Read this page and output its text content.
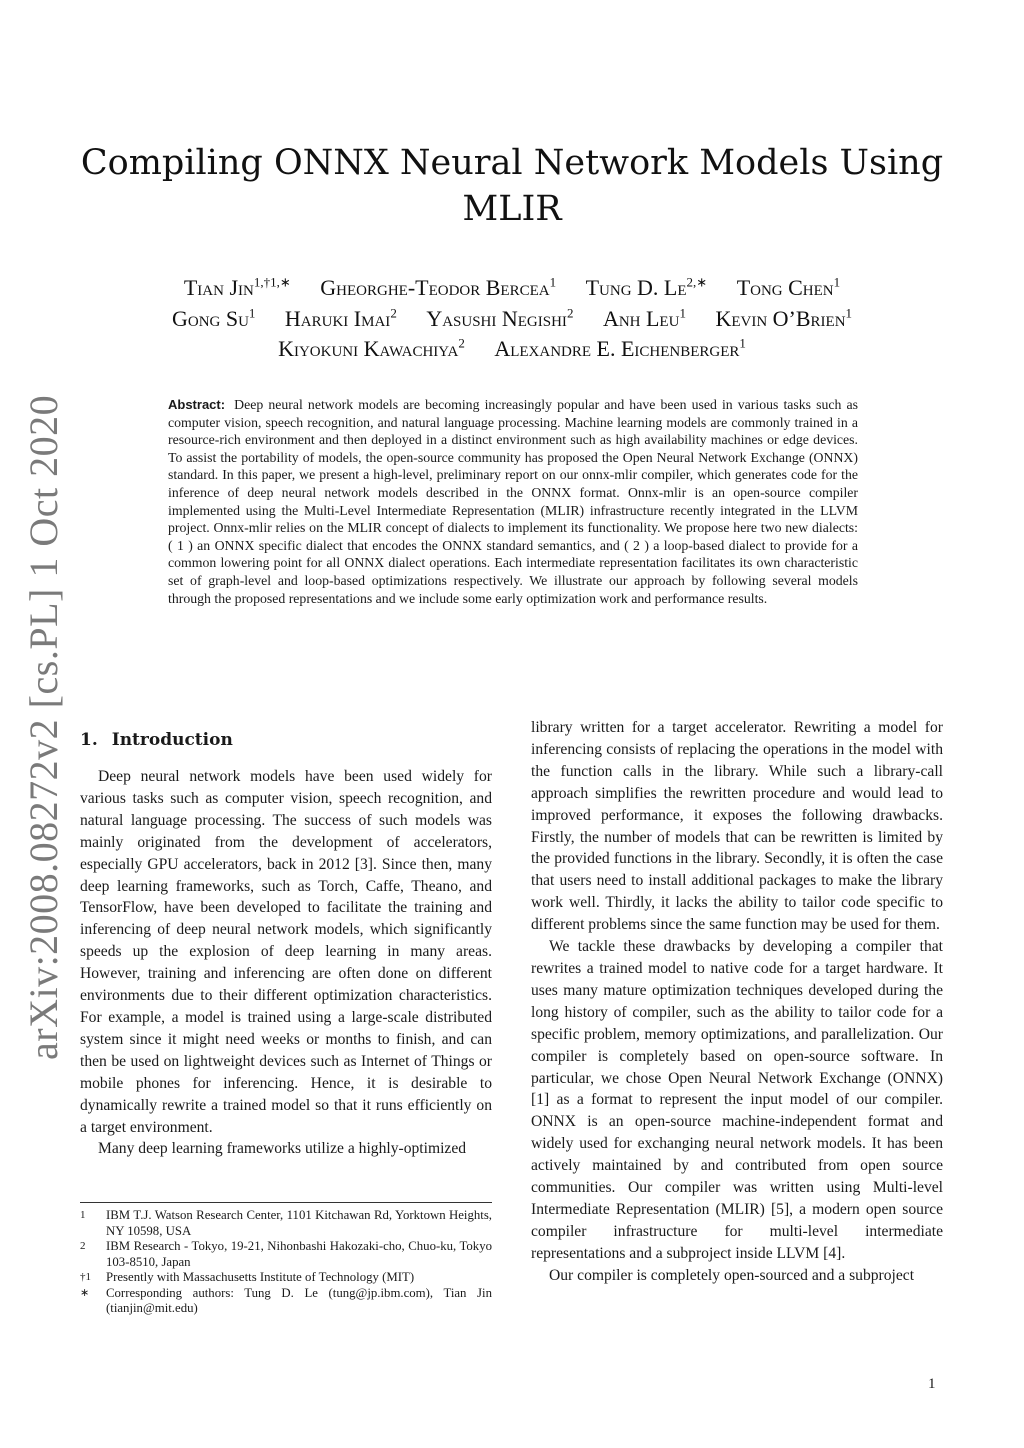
arXiv:2008.08272v2 [cs.PL] 1 Oct 2020
Compiling ONNX Neural Network Models Using
MLIR
Tian Jin$^{1,\dagger 1,∗}$ Gheorghe-Teodor Bercea$^1$ Tung D. $Le^{2,∗}$ Tong Chen$^1$
Gong Su$^1$ Haruki Imai$^2$ Yasushi Negishi$^2$ Anh Leu$^1$ Kevin O’Brien$^1$
Kiyokuni Kawachiya$^2$ Alexandre E. Eichenberger$^1$
Abstract: Deep neural network models are becoming increasingly popular and have been used in various tasks such as computer vision, speech recognition, and natural language processing. Machine learning models are commonly trained in a resource-rich environment and then deployed in a distinct environment such as high availability machines or edge devices. To assist the portability of models, the open-source community has proposed the Open Neural Network Exchange (ONNX) standard. In this paper, we present a high-level, preliminary report on our onnx-mlir compiler, which generates code for the inference of deep neural network models described in the ONNX format. Onnx-mlir is an open-source compiler implemented using the Multi-Level Intermediate Representation (MLIR) infrastructure recently integrated in the LLVM project. Onnx-mlir relies on the MLIR concept of dialects to implement its functionality. We propose here two new dialects: ( 1 ) an ONNX specific dialect that encodes the ONNX standard semantics, and ( 2 ) a loop-based dialect to provide for a common lowering point for all ONNX dialect operations. Each intermediate representation facilitates its own characteristic set of graph-level and loop-based optimizations respectively. We illustrate our approach by following several models through the proposed representations and we include some early optimization work and performance results.
1. Introduction

Deep neural network models have been used widely for various tasks such as computer vision, speech recognition, and natural language processing. The success of such models was mainly originated from the development of accelerators, especially GPU accelerators, back in 2012 [3]. Since then, many deep learning frameworks, such as Torch, Caffe, Theano, and TensorFlow, have been developed to facilitate the training and inferencing of deep neural network models, which significantly speeds up the explosion of deep learning in many areas. However, training and inferencing are often done on different environments due to their different optimization characteristics. For example, a model is trained using a large-scale distributed system since it might need weeks or months to finish, and can then be used on lightweight devices such as Internet of Things or mobile phones for inferencing. Hence, it is desirable to dynamically rewrite a trained model so that it runs efficiently on a target environment.

Many deep learning frameworks utilize a highly-optimized

library written for a target accelerator. Rewriting a model for inferencing consists of replacing the operations in the model with the function calls in the library. While such a library-call approach simplifies the rewritten procedure and would lead to improved performance, it exposes the following drawbacks. Firstly, the number of models that can be rewritten is limited by the provided functions in the library. Secondly, it is often the case that users need to install additional packages to make the library work well. Thirdly, it lacks the ability to tailor code specific to different problems since the same function may be used for them.

We tackle these drawbacks by developing a compiler that rewrites a trained model to native code for a target hardware. It uses many mature optimization techniques developed during the long history of compiler, such as the ability to tailor code for a specific problem, memory optimizations, and parallelization. Our compiler is completely based on open-source software. In particular, we chose Open Neural Network Exchange (ONNX) [1] as a format to represent the input model of our compiler. ONNX is an open-source machine-independent format and widely used for exchanging neural network models. It has been actively maintained by and contributed from open source communities. Our compiler was written using Multi-level Intermediate Representation (MLIR) [5], a modern open source compiler infrastructure for multi-level intermediate representations and a subproject inside LLVM [4].

Our compiler is completely open-sourced and a subproject

1	IBM T.J. Watson Research Center, 1101 Kitchawan Rd, Yorktown Heights, NY 10598, USA
2	IBM Research - Tokyo, 19-21, Nihonbashi Hakozaki-cho, Chuo-ku, Tokyo 103-8510, Japan
†1	Presently with Massachusetts Institute of Technology (MIT)
∗	Corresponding authors: Tung D. Le (tung@jp.ibm.com), Tian Jin (tianjin@mit.edu)
1
